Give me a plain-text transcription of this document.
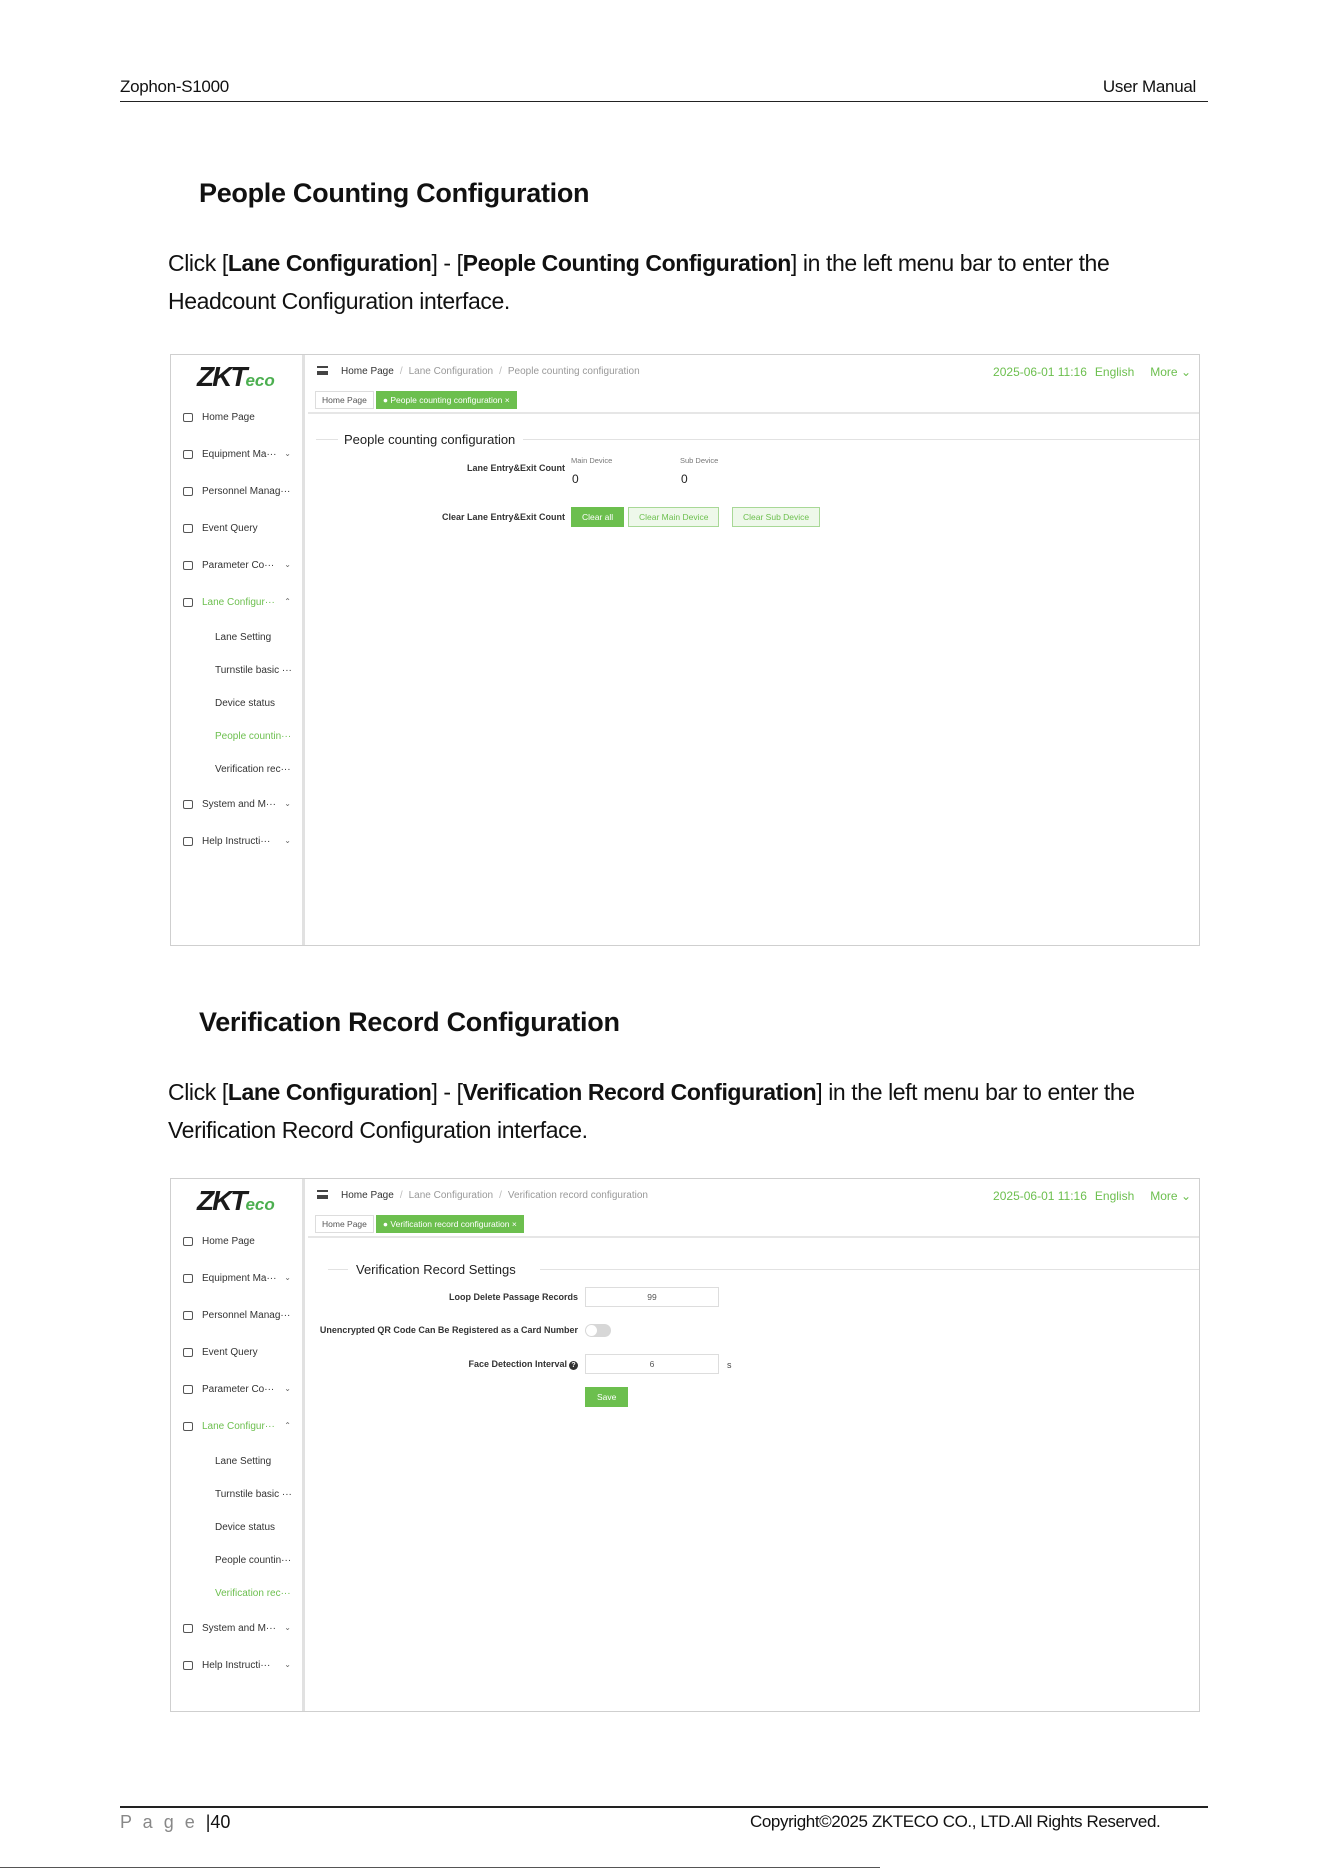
Zophon-S1000	User Manual
People Counting Configuration
Click [Lane Configuration] - [People Counting Configuration] in the left menu bar to enter the Headcount Configuration interface.
ZKTeco
Home Page
Equipment Ma··· ⌄
Personnel Manag···
Event Query
Parameter Co··· ⌄
Lane Configur··· ⌃
Lane Setting
Turnstile basic ···
Device status
People countin···
Verification rec···
System and M··· ⌄
Help Instructi··· ⌄
Home Page / Lane Configuration / People counting configuration	2025-06-01 11:16 English More ⌄
Home Page	● People counting configuration ×
People counting configuration
Lane Entry&Exit Count
Main Device	Sub Device
0	0
Clear Lane Entry&Exit Count	Clear all	Clear Main Device	Clear Sub Device
Verification Record Configuration
Click [Lane Configuration] - [Verification Record Configuration] in the left menu bar to enter the Verification Record Configuration interface.
ZKTeco
Home Page
Equipment Ma··· ⌄
Personnel Manag···
Event Query
Parameter Co··· ⌄
Lane Configur··· ⌃
Lane Setting
Turnstile basic ···
Device status
People countin···
Verification rec···
System and M··· ⌄
Help Instructi··· ⌄
Home Page / Lane Configuration / Verification record configuration	2025-06-01 11:16 English More ⌄
Home Page	● Verification record configuration ×
Verification Record Settings
Loop Delete Passage Records	99
Unencrypted QR Code Can Be Registered as a Card Number
Face Detection Interval ?	6	s
Save
P a g e |40	Copyright©2025 ZKTECO CO., LTD.All Rights Reserved.
